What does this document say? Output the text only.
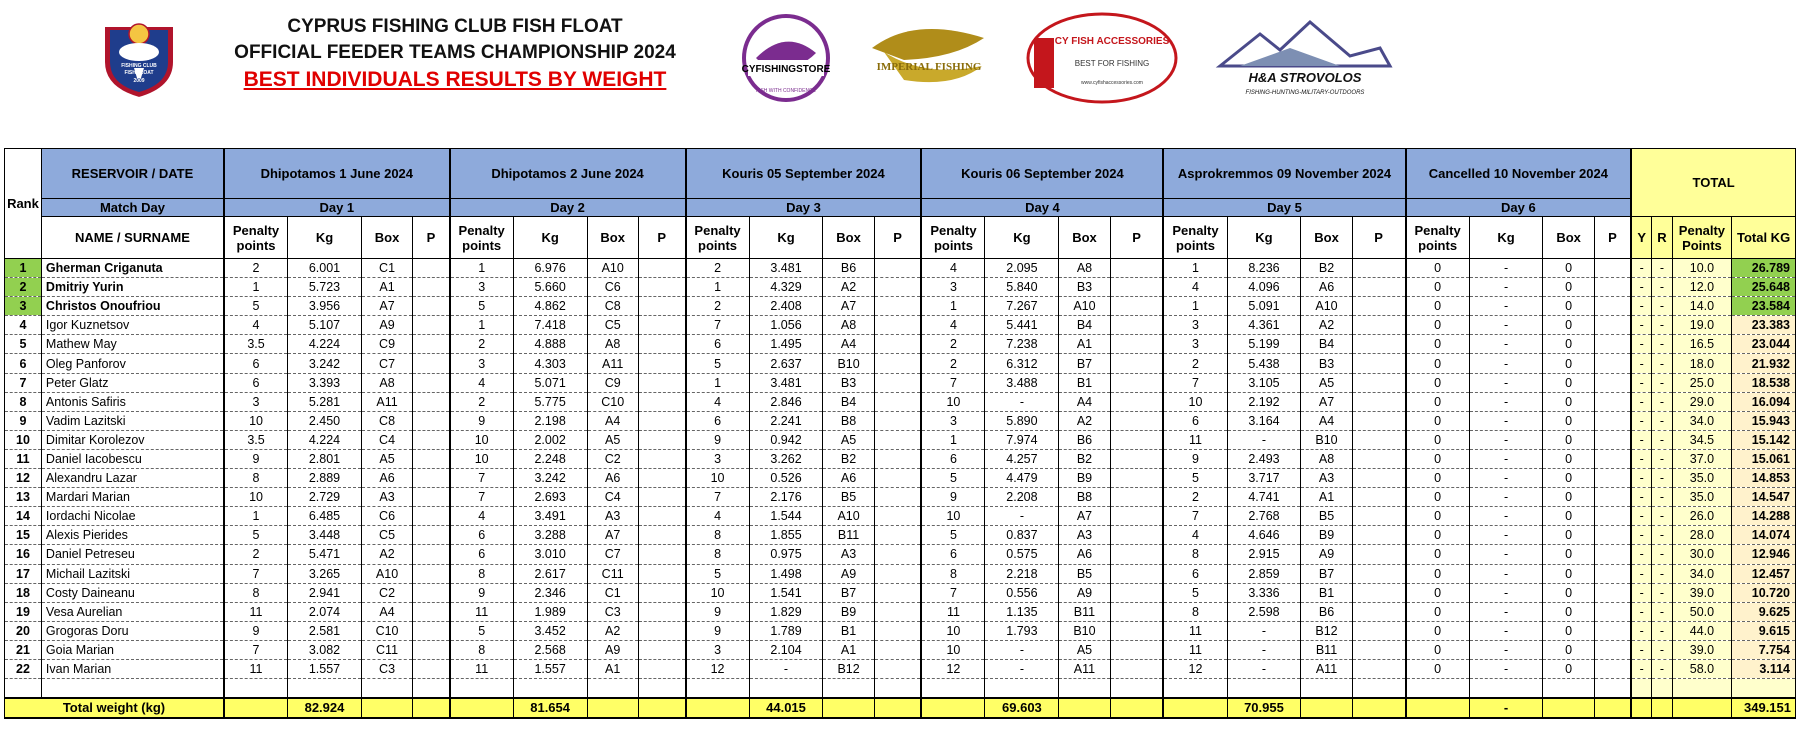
CYPRUS
FISHING CLUB
FISH FLOAT
2009
CYPRUS FISHING CLUB FISH FLOAT
OFFICIAL FEEDER TEAMS CHAMPIONSHIP 2024
BEST INDIVIDUALS RESULTS BY WEIGHT	CYFISHINGSTORE
FISH WITH CONFIDENCE
IMPERIAL FISHING
CY FISH ACCESSORIES
BEST FOR FISHING
www.cyfishaccessories.com	H&A STROVOLOS
FISHING-HUNTING-MILITARY-OUTDOORS
Rank	RESERVOIR / DATE	Dhipotamos 1 June 2024				Dhipotamos 2 June 2024				Kouris 05 September 2024				Kouris 06 September 2024				Asprokremmos 09 November 2024				Cancelled 10 November 2024				TOTAL			
	Match Day	Day 1				Day 2				Day 3				Day 4				Day 5				Day 6							
	NAME / SURNAME	Penalty points	Kg	Box	P	Penalty points	Kg	Box	P	Penalty points	Kg	Box	P	Penalty points	Kg	Box	P	Penalty points	Kg	Box	P	Penalty points	Kg	Box	P	Y	R	Penalty Points	Total KG
1	Gherman Criganuta	2	6.001	C1		1	6.976	A10		2	3.481	B6		4	2.095	A8		1	8.236	B2		0	-	0		-	-	10.0	26.789
2	Dmitriy Yurin	1	5.723	A1		3	5.660	C6		1	4.329	A2		3	5.840	B3		4	4.096	A6		0	-	0		-	-	12.0	25.648
3	Christos Onoufriou	5	3.956	A7		5	4.862	C8		2	2.408	A7		1	7.267	A10		1	5.091	A10		0	-	0		-	-	14.0	23.584
4	Igor Kuznetsov	4	5.107	A9		1	7.418	C5		7	1.056	A8		4	5.441	B4		3	4.361	A2		0	-	0		-	-	19.0	23.383
5	Mathew May	3.5	4.224	C9		2	4.888	A8		6	1.495	A4		2	7.238	A1		3	5.199	B4		0	-	0		-	-	16.5	23.044
6	Oleg Panforov	6	3.242	C7		3	4.303	A11		5	2.637	B10		2	6.312	B7		2	5.438	B3		0	-	0		-	-	18.0	21.932
7	Peter Glatz	6	3.393	A8		4	5.071	C9		1	3.481	B3		7	3.488	B1		7	3.105	A5		0	-	0		-	-	25.0	18.538
8	Antonis Safiris	3	5.281	A11		2	5.775	C10		4	2.846	B4		10	-	A4		10	2.192	A7		0	-	0		-	-	29.0	16.094
9	Vadim Lazitski	10	2.450	C8		9	2.198	A4		6	2.241	B8		3	5.890	A2		6	3.164	A4		0	-	0		-	-	34.0	15.943
10	Dimitar Korolezov	3.5	4.224	C4		10	2.002	A5		9	0.942	A5		1	7.974	B6		11	-	B10		0	-	0		-	-	34.5	15.142
11	Daniel Iacobescu	9	2.801	A5		10	2.248	C2		3	3.262	B2		6	4.257	B2		9	2.493	A8		0	-	0		-	-	37.0	15.061
12	Alexandru Lazar	8	2.889	A6		7	3.242	A6		10	0.526	A6		5	4.479	B9		5	3.717	A3		0	-	0		-	-	35.0	14.853
13	Mardari Marian	10	2.729	A3		7	2.693	C4		7	2.176	B5		9	2.208	B8		2	4.741	A1		0	-	0		-	-	35.0	14.547
14	Iordachi Nicolae	1	6.485	C6		4	3.491	A3		4	1.544	A10		10	-	A7		7	2.768	B5		0	-	0		-	-	26.0	14.288
15	Alexis Pierides	5	3.448	C5		6	3.288	A7		8	1.855	B11		5	0.837	A3		4	4.646	B9		0	-	0		-	-	28.0	14.074
16	Daniel Petreseu	2	5.471	A2		6	3.010	C7		8	0.975	A3		6	0.575	A6		8	2.915	A9		0	-	0		-	-	30.0	12.946
17	Michail Lazitski	7	3.265	A10		8	2.617	C11		5	1.498	A9		8	2.218	B5		6	2.859	B7		0	-	0		-	-	34.0	12.457
18	Costy Daineanu	8	2.941	C2		9	2.346	C1		10	1.541	B7		7	0.556	A9		5	3.336	B1		0	-	0		-	-	39.0	10.720
19	Vesa Aurelian	11	2.074	A4		11	1.989	C3		9	1.829	B9		11	1.135	B11		8	2.598	B6		0	-	0		-	-	50.0	9.625
20	Grogoras Doru	9	2.581	C10		5	3.452	A2		9	1.789	B1		10	1.793	B10		11	-	B12		0	-	0		-	-	44.0	9.615
21	Goia Marian	7	3.082	C11		8	2.568	A9		3	2.104	A1		10	-	A5		11	-	B11		0	-	0		-	-	39.0	7.754
22	Ivan Marian	11	1.557	C3		11	1.557	A1		12	-	B12		12	-	A11		12	-	A11		0	-	0		-	-	58.0	3.114

Total weight (kg)			82.924				81.654				44.015				69.603				70.955				-						349.151
